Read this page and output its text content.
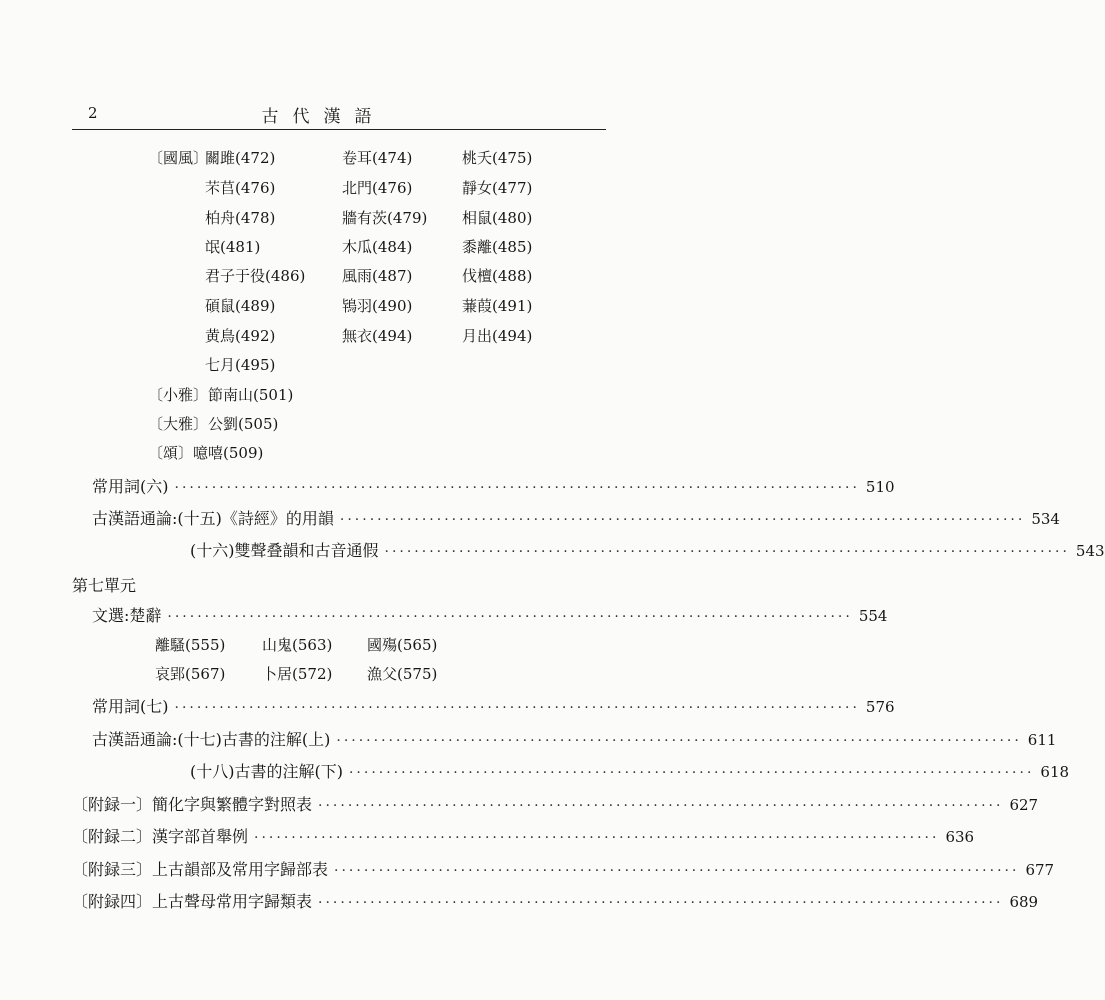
2	古代漢語
〔國風〕
關雎(472)	卷耳(474)	桃夭(475)
芣苢(476)	北門(476)	靜女(477)
柏舟(478)	牆有茨(479) 相鼠(480)
氓(481)	木瓜(484)	黍離(485)
君子于役(486) 風雨(487)	伐檀(488)
碩鼠(489)	鴇羽(490)	蒹葭(491)
黄鳥(492)	無衣(494)	月出(494)
七月(495)
〔小雅〕節南山(501)
〔大雅〕公劉(505)
〔頌〕噫嘻(509)
常用詞(六) ···························································································· 510
古漢語通論:(十五)《詩經》的用韻 ···························································································· 534
(十六)雙聲叠韻和古音通假 ···························································································· 543
第七單元
文選:楚辭 ···························································································· 554
離騷(555) 山鬼(563) 國殤(565)
哀郢(567) 卜居(572) 漁父(575)
常用詞(七) ···························································································· 576
古漢語通論:(十七)古書的注解(上) ···························································································· 611
(十八)古書的注解(下) ···························································································· 618
〔附録一〕簡化字與繁體字對照表 ···························································································· 627
〔附録二〕漢字部首舉例 ···························································································· 636
〔附録三〕上古韻部及常用字歸部表 ···························································································· 677
〔附録四〕上古聲母常用字歸類表 ···························································································· 689
